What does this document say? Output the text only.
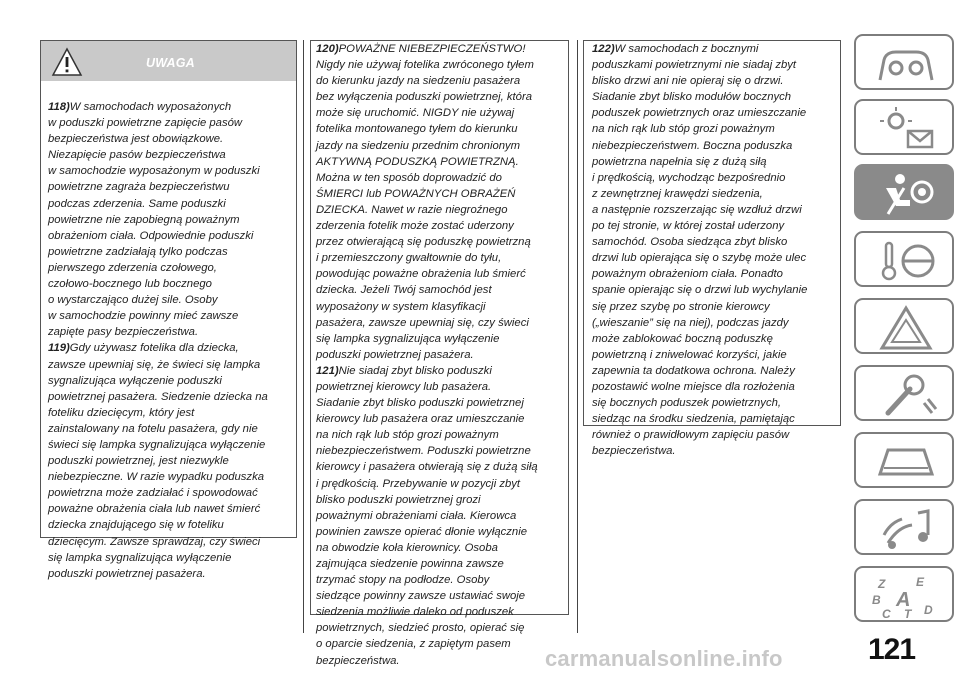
UWAGA
118)W samochodach wyposażonych
w poduszki powietrzne zapięcie pasów
bezpieczeństwa jest obowiązkowe.
Niezapięcie pasów bezpieczeństwa
w samochodzie wyposażonym w poduszki
powietrzne zagraża bezpieczeństwu
podczas zderzenia. Same poduszki
powietrzne nie zapobiegną poważnym
obrażeniom ciała. Odpowiednie poduszki
powietrzne zadziałają tylko podczas
pierwszego zderzenia czołowego,
czołowo-bocznego lub bocznego
o wystarczająco dużej sile. Osoby
w samochodzie powinny mieć zawsze
zapięte pasy bezpieczeństwa.
119)Gdy używasz fotelika dla dziecka,
zawsze upewniaj się, że świeci się lampka
sygnalizująca wyłączenie poduszki
powietrznej pasażera. Siedzenie dziecka na
foteliku dziecięcym, który jest
zainstalowany na fotelu pasażera, gdy nie
świeci się lampka sygnalizująca wyłączenie
poduszki powietrznej, jest niezwykle
niebezpieczne. W razie wypadku poduszka
powietrzna może zadziałać i spowodować
poważne obrażenia ciała lub nawet śmierć
dziecka znajdującego się w foteliku
dziecięcym. Zawsze sprawdzaj, czy świeci
się lampka sygnalizująca wyłączenie
poduszki powietrznej pasażera.
120)POWAŻNE NIEBEZPIECZEŃSTWO!
Nigdy nie używaj fotelika zwróconego tyłem
do kierunku jazdy na siedzeniu pasażera
bez wyłączenia poduszki powietrznej, która
może się uruchomić. NIGDY nie używaj
fotelika montowanego tyłem do kierunku
jazdy na siedzeniu przednim chronionym
AKTYWNĄ PODUSZKĄ POWIETRZNĄ.
Można w ten sposób doprowadzić do
ŚMIERCI lub POWAŻNYCH OBRAŻEŃ
DZIECKA. Nawet w razie niegroźnego
zderzenia fotelik może zostać uderzony
przez otwierającą się poduszkę powietrzną
i przemieszczony gwałtownie do tyłu,
powodując poważne obrażenia lub śmierć
dziecka. Jeżeli Twój samochód jest
wyposażony w system klasyfikacji
pasażera, zawsze upewniaj się, czy świeci
się lampka sygnalizująca wyłączenie
poduszki powietrznej pasażera.
121)Nie siadaj zbyt blisko poduszki
powietrznej kierowcy lub pasażera.
Siadanie zbyt blisko poduszki powietrznej
kierowcy lub pasażera oraz umieszczanie
na nich rąk lub stóp grozi poważnym
niebezpieczeństwem. Poduszki powietrzne
kierowcy i pasażera otwierają się z dużą siłą
i prędkością. Przebywanie w pozycji zbyt
blisko poduszki powietrznej grozi
poważnymi obrażeniami ciała. Kierowca
powinien zawsze opierać dłonie wyłącznie
na obwodzie koła kierownicy. Osoba
zajmująca siedzenie powinna zawsze
trzymać stopy na podłodze. Osoby
siedzące powinny zawsze ustawiać swoje
siedzenia możliwie daleko od poduszek
powietrznych, siedzieć prosto, opierać się
o oparcie siedzenia, z zapiętym pasem
bezpieczeństwa.
122)W samochodach z bocznymi
poduszkami powietrznymi nie siadaj zbyt
blisko drzwi ani nie opieraj się o drzwi.
Siadanie zbyt blisko modułów bocznych
poduszek powietrznych oraz umieszczanie
na nich rąk lub stóp grozi poważnym
niebezpieczeństwem. Boczna poduszka
powietrzna napełnia się z dużą siłą
i prędkością, wychodząc bezpośrednio
z zewnętrznej krawędzi siedzenia,
a następnie rozszerzając się wzdłuż drzwi
po tej stronie, w której został uderzony
samochód. Osoba siedząca zbyt blisko
drzwi lub opierająca się o szybę może ulec
poważnym obrażeniom ciała. Ponadto
spanie opierając się o drzwi lub wychylanie
się przez szybę po stronie kierowcy
(„wieszanie” się na niej), podczas jazdy
może zablokować boczną poduszkę
powietrzną i zniwelować korzyści, jakie
zapewnia ta dodatkowa ochrona. Należy
pozostawić wolne miejsce dla rozłożenia
się bocznych poduszek powietrznych,
siedząc na środku siedzenia, pamiętając
również o prawidłowym zapięciu pasów
bezpieczeństwa.
Z	E
B A
C T D
121
carmanualsonline.info
